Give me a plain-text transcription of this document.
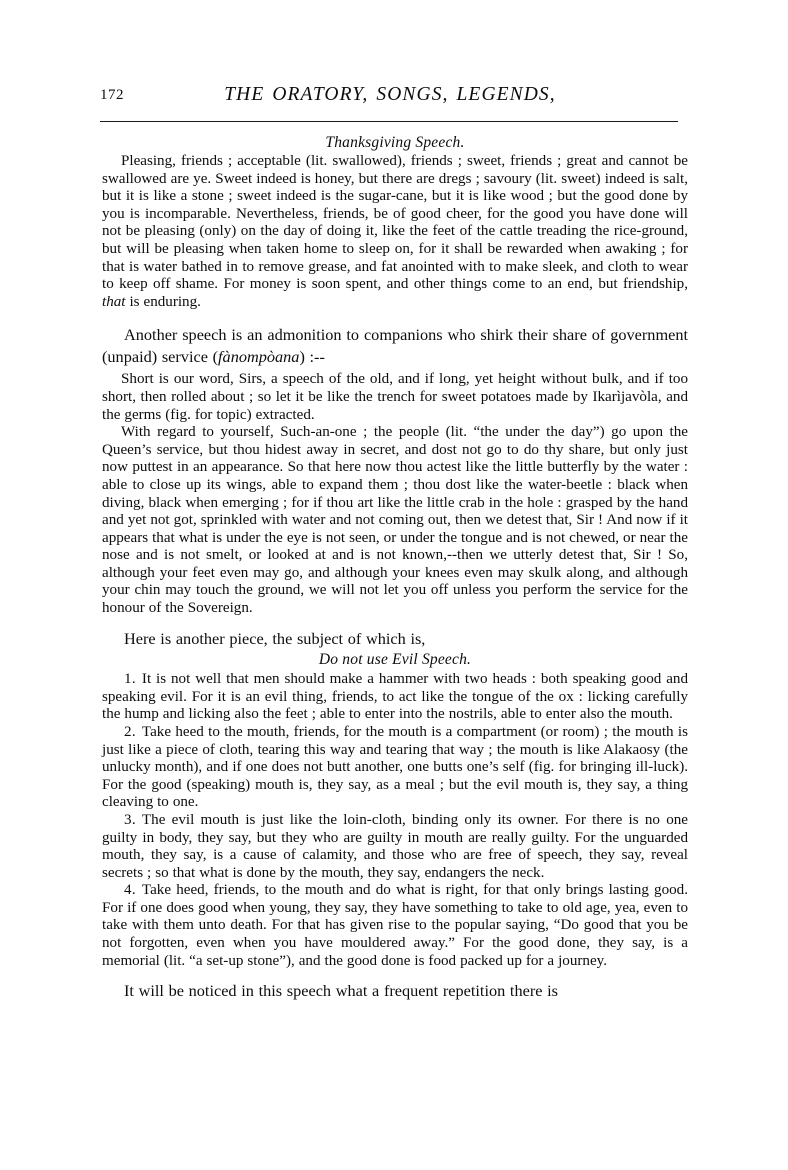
172	THE ORATORY, SONGS, LEGENDS,
Thanksgiving Speech.

Pleasing, friends ; acceptable (lit. swallowed), friends ; sweet, friends ; great and cannot be swallowed are ye. Sweet indeed is honey, but there are dregs ; savoury (lit. sweet) indeed is salt, but it is like a stone ; sweet indeed is the sugar-cane, but it is like wood ; but the good done by you is incomparable. Nevertheless, friends, be of good cheer, for the good you have done will not be pleasing (only) on the day of doing it, like the feet of the cattle treading the rice-ground, but will be pleasing when taken home to sleep on, for it shall be rewarded when awaking ; for that is water bathed in to remove grease, and fat anointed with to make sleek, and cloth to wear to keep off shame. For money is soon spent, and other things come to an end, but friendship, that is enduring.

Another speech is an admonition to companions who shirk their share of government (unpaid) service (fànompòana) :--

Short is our word, Sirs, a speech of the old, and if long, yet height without bulk, and if too short, then rolled about ; so let it be like the trench for sweet potatoes made by Ikarìjavòla, and the germs (fig. for topic) extracted.

With regard to yourself, Such-an-one ; the people (lit. “the under the day”) go upon the Queen’s service, but thou hidest away in secret, and dost not go to do thy share, but only just now puttest in an appearance. So that here now thou actest like the little butterfly by the water : able to close up its wings, able to expand them ; thou dost like the water-beetle : black when diving, black when emerging ; for if thou art like the little crab in the hole : grasped by the hand and yet not got, sprinkled with water and not coming out, then we detest that, Sir ! And now if it appears that what is under the eye is not seen, or under the tongue and is not chewed, or near the nose and is not smelt, or looked at and is not known,--then we utterly detest that, Sir ! So, although your feet even may go, and although your knees even may skulk along, and although your chin may touch the ground, we will not let you off unless you perform the service for the honour of the Sovereign.

Here is another piece, the subject of which is,

Do not use Evil Speech.

1. It is not well that men should make a hammer with two heads : both speaking good and speaking evil. For it is an evil thing, friends, to act like the tongue of the ox : licking carefully the hump and licking also the feet ; able to enter into the nostrils, able to enter also the mouth.

2. Take heed to the mouth, friends, for the mouth is a compartment (or room) ; the mouth is just like a piece of cloth, tearing this way and tearing that way ; the mouth is like Alakaosy (the unlucky month), and if one does not butt another, one butts one’s self (fig. for bringing ill-luck). For the good (speaking) mouth is, they say, as a meal ; but the evil mouth is, they say, a thing cleaving to one.

3. The evil mouth is just like the loin-cloth, binding only its owner. For there is no one guilty in body, they say, but they who are guilty in mouth are really guilty. For the unguarded mouth, they say, is a cause of calamity, and those who are free of speech, they say, reveal secrets ; so that what is done by the mouth, they say, endangers the neck.

4. Take heed, friends, to the mouth and do what is right, for that only brings lasting good. For if one does good when young, they say, they have something to take to old age, yea, even to take with them unto death. For that has given rise to the popular saying, “Do good that you be not forgotten, even when you have mouldered away.” For the good done, they say, is a memorial (lit. “a set-up stone”), and the good done is food packed up for a journey.

It will be noticed in this speech what a frequent repetition there is
